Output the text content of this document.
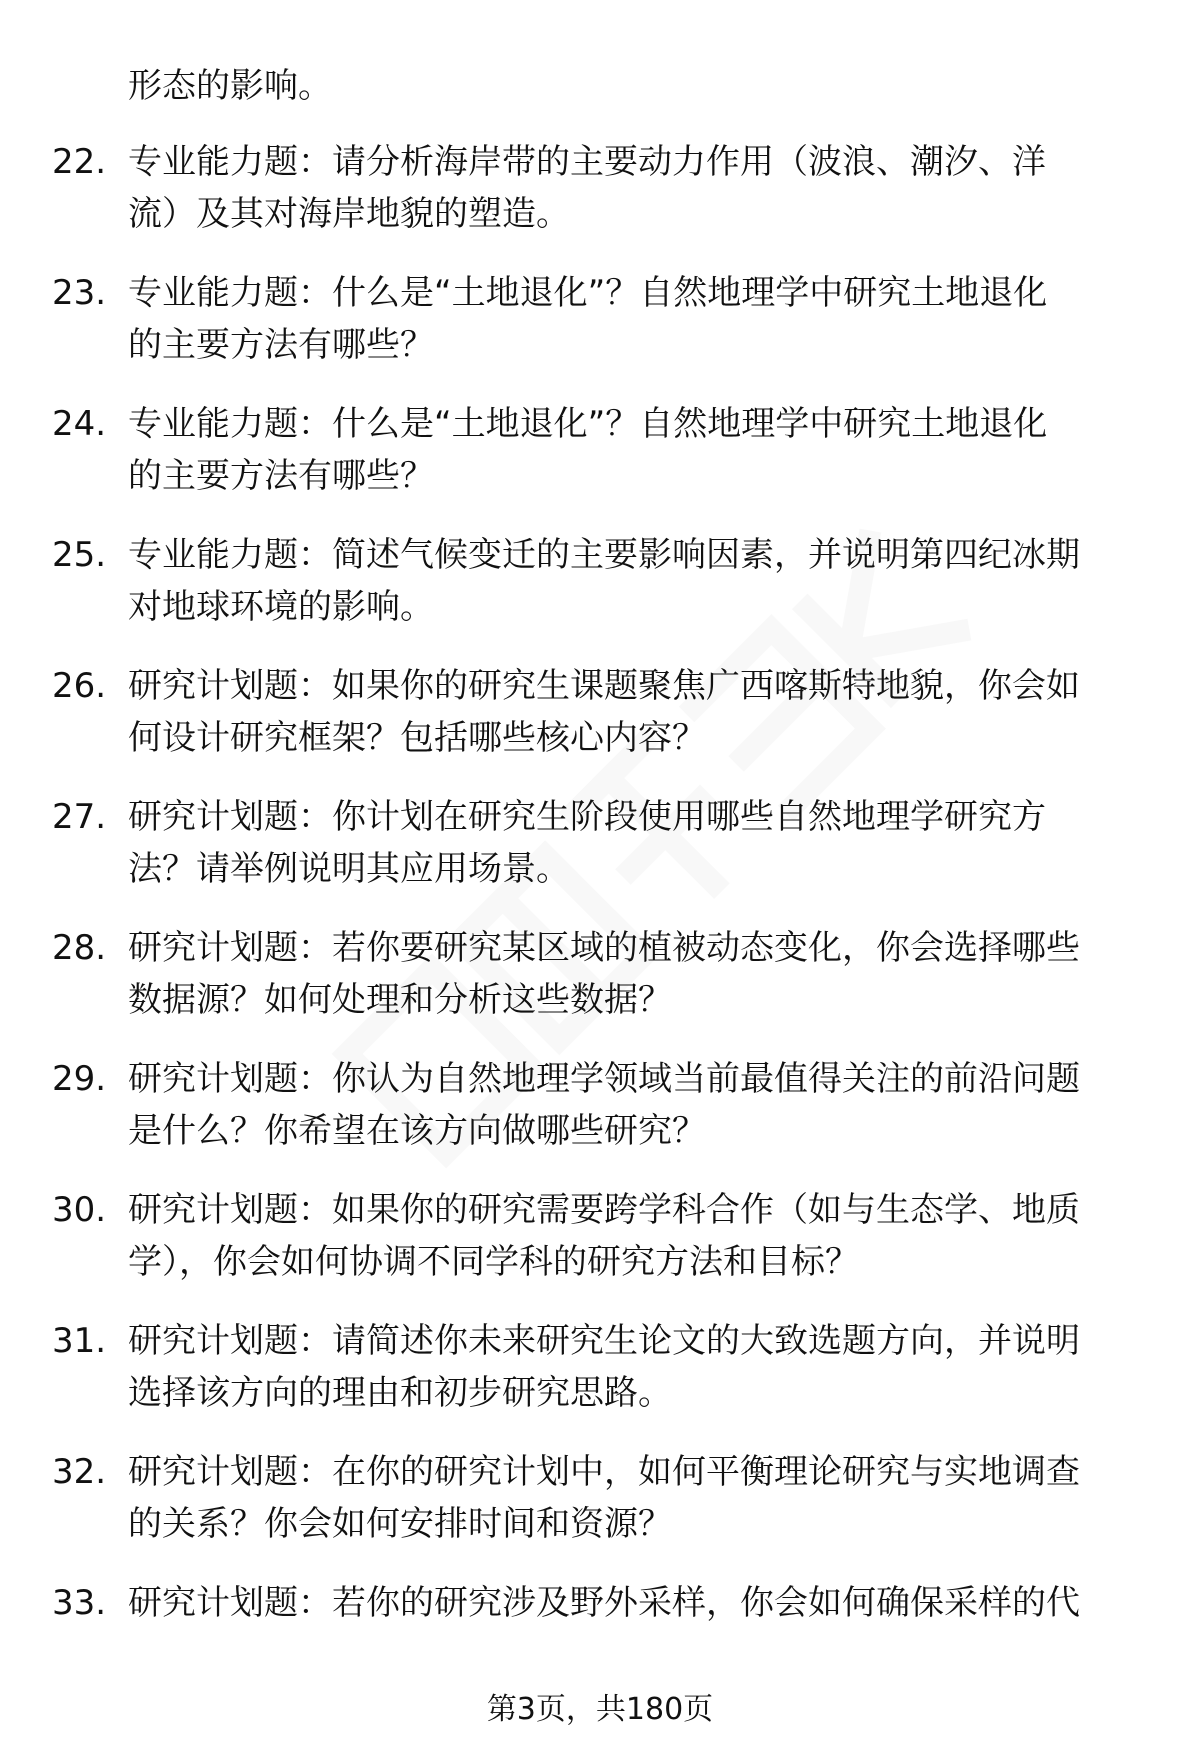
形态的影响。
22. 专业能力题：请分析海岸带的主要动力作用（波浪、潮汐、洋
流）及其对海岸地貌的塑造。
23. 专业能力题：什么是“土地退化”？自然地理学中研究土地退化
的主要方法有哪些？
24. 专业能力题：什么是“土地退化”？自然地理学中研究土地退化
的主要方法有哪些？
25. 专业能力题：简述气候变迁的主要影响因素，并说明第四纪冰期
对地球环境的影响。
26. 研究计划题：如果你的研究生课题聚焦广西喀斯特地貌，你会如
何设计研究框架？包括哪些核心内容？
27. 研究计划题：你计划在研究生阶段使用哪些自然地理学研究方
法？请举例说明其应用场景。
28. 研究计划题：若你要研究某区域的植被动态变化，你会选择哪些
数据源？如何处理和分析这些数据？
29. 研究计划题：你认为自然地理学领域当前最值得关注的前沿问题
是什么？你希望在该方向做哪些研究？
30. 研究计划题：如果你的研究需要跨学科合作（如与生态学、地质
学），你会如何协调不同学科的研究方法和目标？
31. 研究计划题：请简述你未来研究生论文的大致选题方向，并说明
选择该方向的理由和初步研究思路。
32. 研究计划题：在你的研究计划中，如何平衡理论研究与实地调查
的关系？你会如何安排时间和资源？
33. 研究计划题：若你的研究涉及野外采样，你会如何确保采样的代
第3页，共180页
